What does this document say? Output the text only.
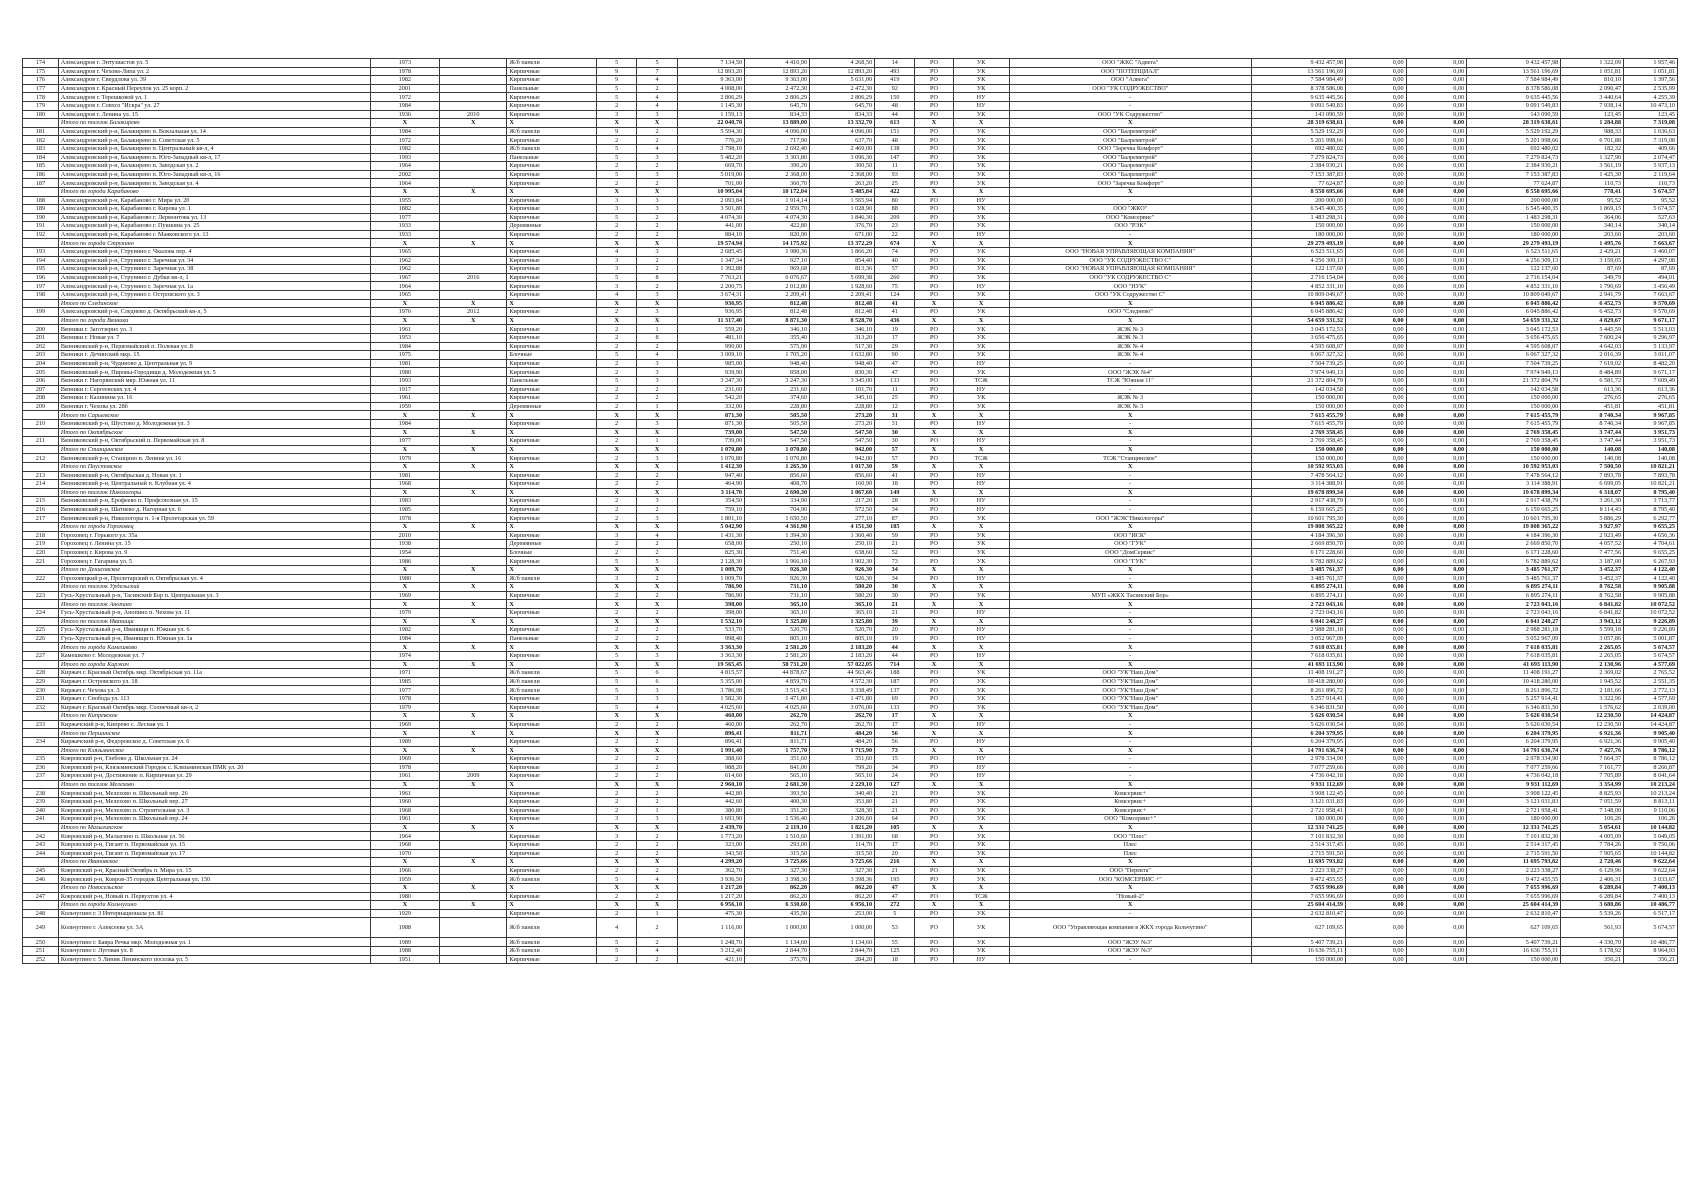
174	Александров г. Энтузиастов ул. 5	1973		Ж/б панели	5	5	7 134,50	4 410,90	4 268,50	14	РО	УК	ООО "ЖКС "Адвега"	9 432 457,98	0,00	0,00	9 432 457,98	1 322,09	1 957,46
175	Александров г. Чехова-Липа ул. 2	1978		Кирпичные	9	7	12 893,20	12 893,20	12 893,20	493	РО	УК	ООО "ПОТЕНЦИАЛ"	13 561 196,69	0,00	0,00	13 561 196,69	1 051,81	1 051,81
176	Александров г. Свердлова ул. 39	1982		Кирпичные	9	4	9 363,00	9 363,00	5 631,00	419	РО	УК	ООО "Алвега"	7 584 984,49	0,00	0,00	7 584 984,49	810,10	1 397,56
177	Александров г. Красный Переулок ул. 25 корп. 2	2001		Панельные	5	2	4 008,00	2 472,30	2 472,30	92	РО	УК	ООО "УК СОДРУЖЕСТВО"	8 378 586,08	0,00	0,00	8 378 586,08	2 090,47	2 535,99
178	Александров г. Терешковой ул. 1	1972		Кирпичные	5	4	2 806,29	2 806,29	2 806,29	150	РО	НУ	-	9 635 445,56	0,00	0,00	9 635 445,56	3 440,64	4 255,39
179	Александров г. Совхоз "Искра" ул. 27	1984		Кирпичные	2	4	1 145,30	645,70	645,70	48	РО	НУ	-	9 091 549,83	0,00	0,00	9 091 549,83	7 938,14	10 473,10
180	Александров г. Ленина ул. 15	1936	2010	Кирпичные	3	3	1 159,13	834,33	834,33	44	РО	УК	ООО "УК Содружество"	143 090,59	0,00	0,00	143 090,59	123,45	123,45
	Итого по поселок Балакирево	X	X	X	X	X	22 040,70	13 889,00	13 332,70	613	X	X	X	28 319 638,61	0,00	0,00	28 319 638,61	1 284,88	7 319,08
181	Александровский р-н, Балакирево п. Вокзальная ул. 14	1984		Ж/б панели	9	2	5 594,30	4 096,00	4 096,00	151	РО	УК	ООО "Балреметрой"	5 529 192,29	0,00	0,00	5 529 192,29	988,33	1 036,63
182	Александровский р-н, Балакирево п. Советская ул. 5	1972		Кирпичные	2	2	776,20	717,90	637,70	48	РО	УК	ООО "Балреметрой"	5 201 998,66	0,00	0,00	5 201 998,66	6 701,88	7 319,08
183	Александровский р-н, Балакирево п. Центральный кв-л, 4	1982		Ж/б панели	5	4	3 798,10	2 692,40	2 469,00	138	РО	УК	ООО "Заречка Комфорт"	692 480,02	0,00	0,00	692 480,02	182,32	409,66
184	Александровский р-н, Балакирево п. Юго-Западный кв-л, 17	1993		Панельные	5	3	5 482,20	3 303,80	3 096,30	147	РО	УК	ООО "Балреметрой"	7 279 824,73	0,00	0,00	7 279 824,73	1 327,90	2 074,47
185	Александровский р-н, Балакирево п. Заводская ул. 2	1964		Кирпичные	2	2	669,70	390,20	300,50	11	РО	УК	ООО "Балреметрой"	2 384 930,21	0,00	0,00	2 384 930,21	3 561,19	5 937,13
186	Александровский р-н, Балакирево п. Юго-Западный кв-л, 16	2002		Кирпичные	5	3	5 019,00	2 368,00	2 368,00	93	РО	УК	ООО "Балреметрой"	7 153 387,83	0,00	0,00	7 153 387,83	1 425,30	2 119,64
187	Александровский р-н, Балакирево п. Заводская ул. 4	1964		Кирпичные	2	2	701,00	360,70	263,20	25	РО	УК	ООО "Заречка Комфорт"	77 624,87	0,00	0,00	77 624,87	110,73	110,73
	Итого по города Карабаново	X	X	X	X	X	10 995,04	10 172,04	5 485,84	422	X	X	X	8 558 695,66	0,00	0,00	8 558 695,66	778,41	5 674,57
188	Александровский р-н, Карабаново г. Мира ул. 20	1955		Кирпичные	3	3	2 093,84	1 914,14	1 565,94	80	РО	НУ	-	200 000,00	0,00	0,00	200 000,00	95,52	95,52
189	Александровский р-н, Карабаново г. Кирова ул. 1	1882		Кирпичные	3	3	3 501,80	2 959,70	1 028,90	88	РО	УК	ООО "ЖКО"	6 545 400,35	0,00	0,00	6 545 400,35	1 869,15	5 674,57
190	Александровский р-н, Карабаново г. Лермонтова ул. 13	1977		Кирпичные	5	2	4 074,30	4 074,30	1 846,30	209	РО	УК	ООО "Комсервис"	1 483 298,31	0,00	0,00	1 483 298,31	364,06	527,63
191	Александровский р-н, Карабаново г. Пушкина ул. 25	1933		Деревянные	2	2	441,00	422,80	376,70	23	РО	УК	ООО "РЭК"	150 000,00	0,00	0,00	150 000,00	340,14	340,14
192	Александровский р-н, Карабаново г. Маяковского ул. 13	1933		Кирпичные	2	2	884,10	820,90	671,00	22	РО	НУ	-	180 000,00	0,00	0,00	180 000,00	203,60	203,60
	Итого по города Струнино	X	X	X	X	X	19 574,94	14 175,92	13 372,29	674	X	X	X	29 279 493,19	0,00	0,00	29 279 493,19	1 495,76	7 663,67
193	Александровский р-н, Струнино г. Чкалова пер. 4	1965		Кирпичные	4	3	2 685,45	1 980,36	1 866,20	74	РО	УК	ООО "НОВАЯ УПРАВЛЯЮЩАЯ КОМПАНИЯ"	6 523 511,65	0,00	0,00	6 523 511,65	2 429,21	3 460,07
194	Александровский р-н, Струнино г. Заречная ул. 34	1962		Кирпичные	3	2	1 347,34	927,10	854,40	40	РО	УК	ООО "УК СОДРУЖЕСТВО С"	4 256 309,13	0,00	0,00	4 256 309,13	3 159,05	4 297,08
195	Александровский р-н, Струнино г. Заречная ул. 38	1962		Кирпичные	3	2	1 392,88	969,68	813,36	57	РО	УК	ООО "НОВАЯ УПРАВЛЯЮЩАЯ КОМПАНИЯ"	122 137,60	0,00	0,00	122 137,60	87,69	87,69
196	Александровский р-н, Струнино г. Дубки кв-л, 1	1967	2016	Кирпичные	5	8	7 763,21	6 076,67	5 699,38	260	РО	УК	ООО "УК СОДРУЖЕСТВО С"	2 716 154,04	0,00	0,00	2 716 154,04	349,79	494,01
197	Александровский р-н, Струнино г. Заречная ул. 1а	1964		Кирпичные	3	2	2 200,75	2 012,80	1 928,60	75	РО	НУ	ООО "НУК"	4 852 331,10	0,00	0,00	4 852 331,10	1 790,69	3 456,49
198	Александровский р-н, Струнино г. Островского ул. 3	1965		Кирпичные	4	3	3 674,31	2 209,41	2 209,41	124	РО	УК	ООО "УК Содружество С"	10 809 049,67	0,00	0,00	10 809 049,67	2 941,79	7 663,67
	Итого по Слединское	X	X	X	X	X	936,95	812,48	812,48	41	X	X	X	6 045 886,42	0,00	0,00	6 045 886,42	6 452,73	9 570,69
199	Александровский р-н, Следнево д. Октябрьский кв-л, 5	1976	2012	Кирпичные	2	3	936,95	812,48	812,48	41	РО	УК	ООО "Следнево"	6 045 886,42	0,00	0,00	6 045 886,42	6 452,73	9 570,69
	Итого по города Вязники	X	X	X	X	X	11 317,40	8 871,30	8 528,70	436	X	X	X	54 659 331,32	0,00	0,00	54 659 331,32	4 829,67	9 671,17
200	Вязники г. Заготзерно ул. 3	1961		Кирпичные	2	1	559,20	346,10	346,10	19	РО	УК	ЖЭК № 3	3 045 172,53	0,00	0,00	3 045 172,53	5 445,59	5 513,03
201	Вязники г. Новая ул. 7	1953		Кирпичные	2	8	481,10	355,40	313,20	17	РО	УК	ЖЭК № 3	3 656 475,65	0,00	0,00	3 656 475,65	7 600,24	9 296,97
202	Вязниковский р-н, Первомайский п. Полевая ул. 8	1984		Кирпичные	2	2	990,00	575,90	517,30	29	РО	УК	ЖЭК № 4	4 595 608,07	0,00	0,00	4 595 608,07	4 642,03	5 133,97
203	Вязники г. Дечинский мкр. 15	1975		Блочные	5	4	3 009,10	1 705,20	1 632,80	90	РО	УК	ЖЭК № 4	6 067 327,32	0,00	0,00	6 067 327,32	2 016,39	3 011,07
204	Вязниковский р-н, Чудиново д. Центральная ул. 9	1981		Кирпичные	2	3	985,00	948,40	948,40	47	РО	НУ	-	7 504 739,25	0,00	0,00	7 504 739,25	7 619,02	8 482,20
205	Вязниковский р-н, Пировы-Городищи д. Молодежная ул. 5	1980		Кирпичные	2	3	939,90	858,00	830,30	47	РО	УК	ООО "ЖЭК №4"	7 974 949,13	0,00	0,00	7 974 949,13	8 484,89	9 671,17
206	Вязники г. Нагорянский мкр. Южная ул. 11	1993		Панельные	5	3	3 247,30	3 247,30	3 345,00	133	РО	ТСЖ	ТСЖ "Южная 11"	21 372 804,79	0,00	0,00	21 372 804,79	6 581,72	7 609,49
207	Вязники г. Сергеевских ул. 4	1917		Кирпичные	2	2	231,60	231,60	101,70	11	РО	НУ	-	142 034,58	0,00	0,00	142 034,58	613,36	613,36
208	Вязники г. Калинина ул. 16	1961		Кирпичные	2	2	542,20	374,60	345,10	25	РО	УК	ЖЭК № 3	150 000,00	0,00	0,00	150 000,00	276,65	276,65
209	Вязники г. Чехова ул. 28б	1959		Деревянные	2	1	332,00	228,80	228,80	12	РО	УК	ЖЭК № 3	150 000,00	0,00	0,00	150 000,00	451,81	451,81
	Итого по Сарыевское	X	X	X	X	X	871,30	505,50	273,20	31	X	X	X	7 615 455,79	0,00	0,00	7 615 455,79	8 740,34	9 967,85
210	Вязниковский р-н, Шустово д. Молодежная ул. 3	1984		Кирпичные	2	3	871,30	505,50	273,20	31	РО	НУ	-	7 615 455,79	0,00	0,00	7 615 455,79	8 740,34	9 967,85
	Итого по Октябрьское	X	X	X	X	X	739,00	547,50	547,50	30	X	X	X	2 769 358,45	0,00	0,00	2 769 358,45	3 747,44	3 951,73
211	Вязниковский р-н, Октябрьский п. Первомайская ул. 8	1977		Кирпичные	2	1	739,00	547,50	547,50	30	РО	НУ	-	2 769 358,45	0,00	0,00	2 769 358,45	3 747,44	3 951,73
	Итого по Станцинское	X	X	X	X	X	1 070,80	1 070,80	942,00	57	X	X	X	150 000,00	0,00	0,00	150 000,00	140,08	140,08
212	Вязниковский р-н, Станцино п. Ленина ул. 16	1979		Кирпичные	2	3	1 070,80	1 070,80	942,00	57	РО	ТСЖ	ТСЖ "Станцинское"	150 000,00	0,00	0,00	150 000,00	140,08	140,08
	Итого по Паустовское	X	X	X	X	X	1 412,30	1 265,30	1 017,30	59	X	X	X	10 592 953,03	0,00	0,00	10 592 953,03	7 500,50	10 821,21
213	Вязниковский р-н, Октябрьская д. Новая ул. 1	1981		Кирпичные	2	2	947,40	856,60	856,60	41	РО	НУ	-	7 478 564,12	0,00	0,00	7 478 564,12	7 893,78	7 893,78
214	Вязниковский р-н, Центральный п. Клубная ул. 4	1968		Кирпичные	2	2	464,90	408,70	160,90	18	РО	НУ	-	3 114 388,91	0,00	0,00	3 114 388,91	6 699,05	10 821,21
	Итого по поселок Никологоры	X	X	X	X	X	3 114,70	2 690,30	1 067,60	149	X	X	X	19 678 899,34	0,00	0,00	19 678 899,34	6 318,07	8 795,40
215	Вязниковский р-н, Ерофеево п. Профсоюзная ул. 15	1983		Кирпичные	2	3	354,50	334,90	217,20	28	РО	НУ	-	2 917 438,79	0,00	0,00	2 917 438,79	3 261,30	3 713,77
216	Вязниковский р-н, Шатнево д. Нагорная ул. 6	1985		Кирпичные	2	2	759,10	704,90	572,50	34	РО	НУ	-	6 159 665,25	0,00	0,00	6 159 665,25	8 114,43	8 795,40
217	Вязниковский р-н, Никологоры п. 1-я Пролетарская ул. 59	1978		Кирпичные	2	3	1 801,10	1 650,50	277,10	87	РО	УК	ООО "ЖЭК"Никологоры"	10 601 795,30	0,00	0,00	10 601 795,30	5 886,29	6 292,77
	Итого по города Гороховец	X	X	X	X	X	5 042,90	4 361,90	4 151,30	185	X	X	X	19 808 365,22	0,00	0,00	19 808 365,22	3 927,97	9 655,25
218	Гороховец г. Горького ул. 35а	2010		Кирпичные	3	4	1 431,30	1 394,30	1 360,40	59	РО	УК	ООО "ИСК"	4 184 396,30	0,00	0,00	4 184 396,30	2 923,49	4 656,36
219	Гороховец г. Ленина ул. 15	1938		Деревянные	2	2	658,00	250,10	250,10	21	РО	УК	ООО "ГУК"	2 669 850,70	0,00	0,00	2 669 850,70	4 057,52	4 704,61
220	Гороховец г. Кирова ул. 9	1954		Блочные	2	2	825,30	751,40	638,60	52	РО	УК	ООО "ДомСервис"	6 171 228,60	0,00	0,00	6 171 228,60	7 477,56	9 655,25
221	Гороховец г. Гагарина ул. 5	1986		Кирпичные	5	5	2 128,30	1 966,10	1 902,30	73	РО	УК	ООО "ГУК"	6 782 889,62	0,00	0,00	6 782 889,62	3 187,00	6 267,93
	Итого по Денисовское	X	X	X	X	X	1 009,70	926,30	926,30	34	X	X	X	3 485 761,37	0,00	0,00	3 485 761,37	3 452,37	4 122,40
222	Гороховецкий р-н, Пролетарский п. Октябрьская ул. 4	1980		Ж/б панели	3	2	1 009,70	926,30	926,30	34	РО	НУ	-	3 485 761,37	0,00	0,00	3 485 761,37	3 452,37	4 122,40
	Итого по поселок Урдельский	X	X	X	X	X	786,90	731,10	580,20	30	X	X	X	6 895 274,11	0,00	0,00	6 895 274,11	8 762,58	9 905,88
223	Гусь-Хрустальный р-н, Тасинский Бор п. Центральная ул. 3	1969		Кирпичные	2	2	786,90	731,10	580,20	30	РО	УК	МУП «ЖКХ Тасинский Бор»	6 895 274,11	0,00	0,00	6 895 274,11	8 762,58	9 905,88
	Итого по поселок Анопино	X	X	X	X	X	398,00	365,10	365,10	21	X	X	X	2 723 043,16	0,00	0,00	2 723 043,16	6 841,82	10 072,52
224	Гусь-Хрустальный р-н, Анопино п. Чехова ул. 11	1979		Кирпичные	2	2	398,00	365,10	365,10	21	РО	НУ	-	2 723 043,16	0,00	0,00	2 723 043,16	6 841,82	10 072,52
	Итого по поселок Иванищи	X	X	X	X	X	1 532,10	1 325,80	1 325,80	39	X	X	X	6 041 248,27	0,00	0,00	6 041 248,27	3 943,12	9 226,89
225	Гусь-Хрустальный р-н, Иванищи п. Южная ул. 6	1982		Кирпичные	2	2	533,70	520,70	520,70	20	РО	НУ	-	2 988 281,18	0,00	0,00	2 988 281,18	5 599,18	9 226,89
226	Гусь-Хрустальный р-н, Иванищи п. Южная ул. 1а	1984		Панельные	2	2	998,40	805,10	805,10	19	РО	НУ	-	3 052 967,09	0,00	0,00	3 052 967,09	3 057,86	5 001,87
	Итого по города Камешково	X	X	X	X	X	3 363,30	2 581,20	2 183,20	44	X	X	X	7 618 035,81	0,00	0,00	7 618 035,81	2 265,05	5 674,57
227	Камешково г. Молодежная ул. 7	1974		Кирпичные	5	3	3 363,30	2 581,20	2 183,20	44	РО	НУ	-	7 618 035,81	0,00	0,00	7 618 035,81	2 265,05	5 674,57
	Итого по города Киржач	X	X	X	X	X	19 565,45	58 731,20	57 022,05	714	X	X	X	41 693 113,90	0,00	0,00	41 693 113,90	2 130,96	4 577,69
228	Киржач г. Красный Октябрь мкр. Октябрьская ул. 11а	1971		Ж/б панели	5	6	4 815,57	44 878,67	44 563,46	188	РО	УК	ООО "УК"Наш Дом"	11 408 191,27	0,00	0,00	11 408 191,27	2 369,02	2 765,52
229	Киржач г. Островского ул. 18	1985		Ж/б панели	5	6	5 355,00	4 859,70	4 572,30	187	РО	УК	ООО "УК"Наш Дом"	10 418 280,00	0,00	0,00	10 418 280,00	1 945,52	2 551,35
230	Киржач г. Чехова ул. 3	1977		Ж/б панели	5	3	3 786,98	3 515,43	3 338,49	137	РО	УК	ООО "УК"Наш Дом"	8 261 896,72	0,00	0,00	8 261 896,72	2 181,66	2 772,13
231	Киржач г. Свобода ул. 113	1978		Кирпичные	3	3	1 582,30	1 471,80	1 471,80	69	РО	УК	ООО "УК"Наш Дом"	5 257 914,41	0,00	0,00	5 257 914,41	3 322,96	4 577,69
232	Киржач г. Красный Октябрь мкр. Солнечный кв-л, 2	1979		Кирпичные	5	4	4 025,60	4 025,60	3 076,00	133	РО	УК	ООО "УК"Наш Дом"	6 346 831,50	0,00	0,00	6 346 831,50	1 576,62	2 039,00
	Итого по Кипревское	X	X	X	X	X	460,00	262,70	262,70	17	X	X	X	5 626 030,54	0,00	0,00	5 626 030,54	12 230,50	14 424,87
233	Киржачский р-н, Кипрево с. Лесная ул. 1	1969		Кирпичные	2	2	460,00	262,70	262,70	17	РО	НУ	-	5 626 030,54	0,00	0,00	5 626 030,54	12 230,50	14 424,87
	Итого по Першинское	X	X	X	X	X	896,41	811,71	484,20	56	X	X	X	6 204 379,95	0,00	0,00	6 204 379,95	6 921,36	9 905,40
234	Киржачский р-н, Федоровское д. Советская ул. 6	1989		Кирпичные	2	2	896,41	811,71	484,20	56	РО	НУ	-	6 204 379,95	0,00	0,00	6 204 379,95	6 921,36	9 905,40
	Итого по Клязьминское	X	X	X	X	X	1 991,40	1 757,70	1 715,90	73	X	X	X	14 791 636,74	0,00	0,00	14 791 636,74	7 427,76	8 786,12
235	Ковровский р-н, Глебово д. Школьная ул. 24	1969		Кирпичные	2	2	388,60	351,60	351,60	15	РО	НУ	-	2 978 334,90	0,00	0,00	2 978 334,90	7 664,37	8 786,12
236	Ковровский р-н, Клязьминский Городок с. Клязьминская ПМК ул. 20	1978		Кирпичные	2	2	988,20	841,00	799,20	34	РО	НУ	-	7 077 259,66	0,00	0,00	7 077 259,66	7 161,77	8 266,87
237	Ковровский р-н, Достижение п. Кирпичная ул. 29	1961	2009	Кирпичные	2	2	614,60	565,10	565,10	24	РО	НУ	-	4 736 042,18	0,00	0,00	4 736 042,18	7 705,89	8 041,64
	Итого по поселок Мелехово	X	X	X	X	X	2 960,10	2 681,30	2 229,10	127	X	X	X	9 931 112,69	0,00	0,00	9 931 112,69	3 354,99	10 213,24
238	Ковровский р-н, Мелехово п. Школьный пер. 26	1961		Кирпичные	2	2	442,80	393,50	340,40	21	РО	УК	Комсервис+	3 908 122,45	0,00	0,00	3 908 122,45	8 825,93	10 213,24
239	Ковровский р-н, Мелехово п. Школьный пер. 27	1960		Кирпичные	2	2	442,60	400,30	353,80	21	РО	УК	Комсервис+	3 121 031,83	0,00	0,00	3 121 031,83	7 051,59	8 813,11
240	Ковровский р-н, Мелехово п. Строительная ул. 3	1968		Кирпичные	2	1	380,80	351,20	328,30	21	РО	УК	Комсервис+	2 721 958,41	0,00	0,00	2 721 958,41	7 148,00	9 110,06
241	Ковровский р-н, Мелехово п. Школьный пер. 24	1961		Кирпичные	3	3	1 693,90	1 536,40	1 206,60	64	РО	УК	ООО "Комсервис+"	180 000,00	0,00	0,00	180 000,00	106,26	106,26
	Итого по Малыгинское	X	X	X	X	X	2 439,70	2 119,10	1 821,20	105	X	X	X	12 331 741,25	0,00	0,00	12 331 741,25	5 054,61	10 144,82
242	Ковровский р-н, Малыгино п. Школьная ул. 56	1964		Кирпичные	3	2	1 773,20	1 510,60	1 391,00	68	РО	УК	ООО "Плес"	7 101 832,30	0,00	0,00	7 101 832,30	4 005,09	5 049,05
243	Ковровский р-н, Гигант п. Первомайская ул. 15	1968		Кирпичные	2	2	323,00	293,00	114,70	17	РО	УК	Плес	2 514 317,45	0,00	0,00	2 514 317,45	7 784,26	9 756,06
244	Ковровский р-н, Гигант п. Первомайская ул. 17	1970		Кирпичные	2	2	343,50	315,50	315,50	20	РО	УК	Плес	2 715 591,50	0,00	0,00	2 715 591,50	7 905,65	10 144,82
	Итого по Ивановское	X	X	X	X	X	4 299,20	3 725,66	3 725,66	216	X	X	X	11 695 793,82	0,00	0,00	11 695 793,82	2 720,46	9 622,64
245	Ковровский р-н, Красный Октябрь п. Мира ул. 15	1966		Кирпичные	2	2	362,70	327,30	327,30	21	РО	УК	ООО "Перекта"	2 223 338,27	0,00	0,00	2 223 338,27	6 129,96	9 622,64
246	Ковровский р-н, Ковров-35 городок Центральная ул. 150	1959		Ж/б панели	5	4	3 936,50	3 398,36	3 398,36	195	РО	УК	ООО "КОМСЕРВИС +"	9 472 455,55	0,00	0,00	9 472 455,55	2 406,31	3 033,67
	Итого по Новосельское	X	X	X	X	X	1 217,20	862,20	862,20	47	X	X	X	7 655 996,69	0,00	0,00	7 655 996,69	6 289,84	7 400,13
247	Ковровский р-н, Новый п. Первухтов ул. 4	1980		Кирпичные	2	2	1 217,20	862,20	862,20	47	РО	ТСЖ	"Новый-2"	7 655 996,69	0,00	0,00	7 655 996,69	6 289,84	7 400,13
	Итого по города Кольчугино	X	X	X	X	X	6 956,10	6 330,60	6 956,10	272	X	X	X	25 604 414,39	0,00	0,00	25 604 414,39	3 680,86	10 486,77
248	Кольчугино г. 3 Интернационала ул. 81	1929		Кирпичные	2	1	475,30	435,50	253,00	5	РО	УК	-	2 632 810,47	0,00	0,00	2 632 810,47	5 539,26	6 517,17
249	Кольчугино г. Алексеева ул. 3А	1988		Ж/б панели	4	2	1 116,00	1 000,00	1 000,00	53	РО	УК	ООО "Управляющая компания в ЖКХ города Кольчугино"	627 109,65	0,00	0,00	627 109,65	561,93	5 674,57
250	Кольчугино г. Бавра Речка мкр. Молодежная ул. 1	1989		Ж/б панели	5	2	1 248,70	1 134,60	1 134,60	55	РО	УК	ООО "ЖЭУ №3"	5 407 739,21	0,00	0,00	5 407 739,21	4 330,70	10 486,77
251	Кольчугино г. Луговая ул. 8	1988		Ж/б панели	5	4	3 212,40	2 844,70	2 844,70	125	РО	УК	ООО "ЖЭУ №3"	16 636 755,11	0,00	0,00	16 636 755,11	5 178,92	8 964,93
252	Кольчугино г. 5 Линия Ленинского поселка ул. 5	1951		Кирпичные	2	2	421,10	375,70	284,20	18	РО	НУ	-	150 000,00	0,00	0,00	150 000,00	356,21	356,21
